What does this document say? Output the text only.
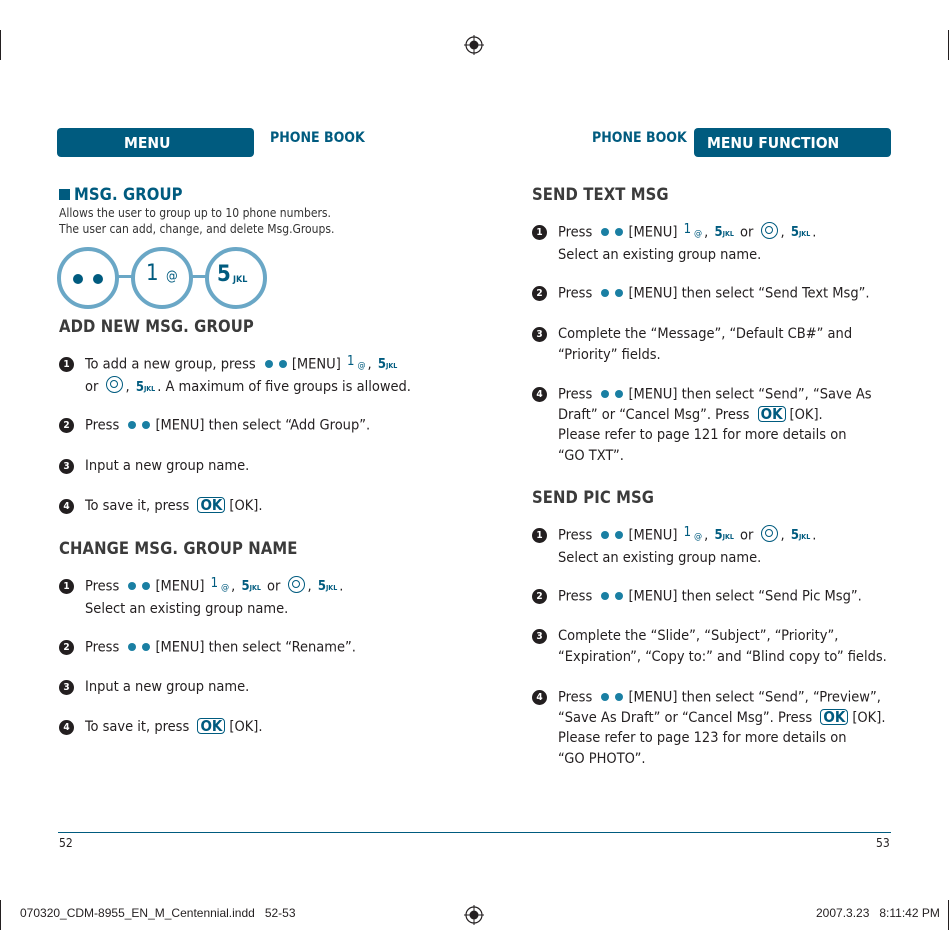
MENU FUNCTION
PHONE BOOK
MSG. GROUP
Allows the user to group up to 10 phone numbers.
The user can add, change, and delete Msg.Groups.
1 @ 5 JKL
ADD NEW MSG. GROUP
1	To add a new group, press [MENU] 1 $_@$ , 5JKL
or , 5JKL . A maximum of five groups is allowed.
2	Press [MENU] then select “Add Group”.
3	Input a new group name.
4	To save it, press OK [OK].
CHANGE MSG. GROUP NAME
1	Press [MENU] 1 $_@$ , 5JKL or , 5JKL .
Select an existing group name.
2	Press [MENU] then select “Rename”.
3	Input a new group name.
4	To save it, press OK [OK].
PHONE BOOK MENU FUNCTION
SEND TEXT MSG
1	Press [MENU] 1 $_@$ , 5JKL or , 5JKL .
Select an existing group name.
2	Press [MENU] then select “Send Text Msg”.
3	Complete the “Message”, “Default CB#” and
“Priority” fields.
4	Press [MENU] then select “Send”, “Save As
Draft” or “Cancel Msg”. Press OK [OK].
Please refer to page 121 for more details on
“GO TXT”.
SEND PIC MSG
1	Press [MENU] 1 $_@$ , 5JKL or , 5JKL .
Select an existing group name.
2	Press [MENU] then select “Send Pic Msg”.
3	Complete the “Slide”, “Subject”, “Priority”,
“Expiration”, “Copy to:” and “Blind copy to” fields.
4	Press [MENU] then select “Send”, “Preview”,
“Save As Draft” or “Cancel Msg”. Press OK [OK].
Please refer to page 123 for more details on
“GO PHOTO”.
52	53
070320_CDM-8955_EN_M_Centennial.indd   52-53	2007.3.23   8:11:42 PM
